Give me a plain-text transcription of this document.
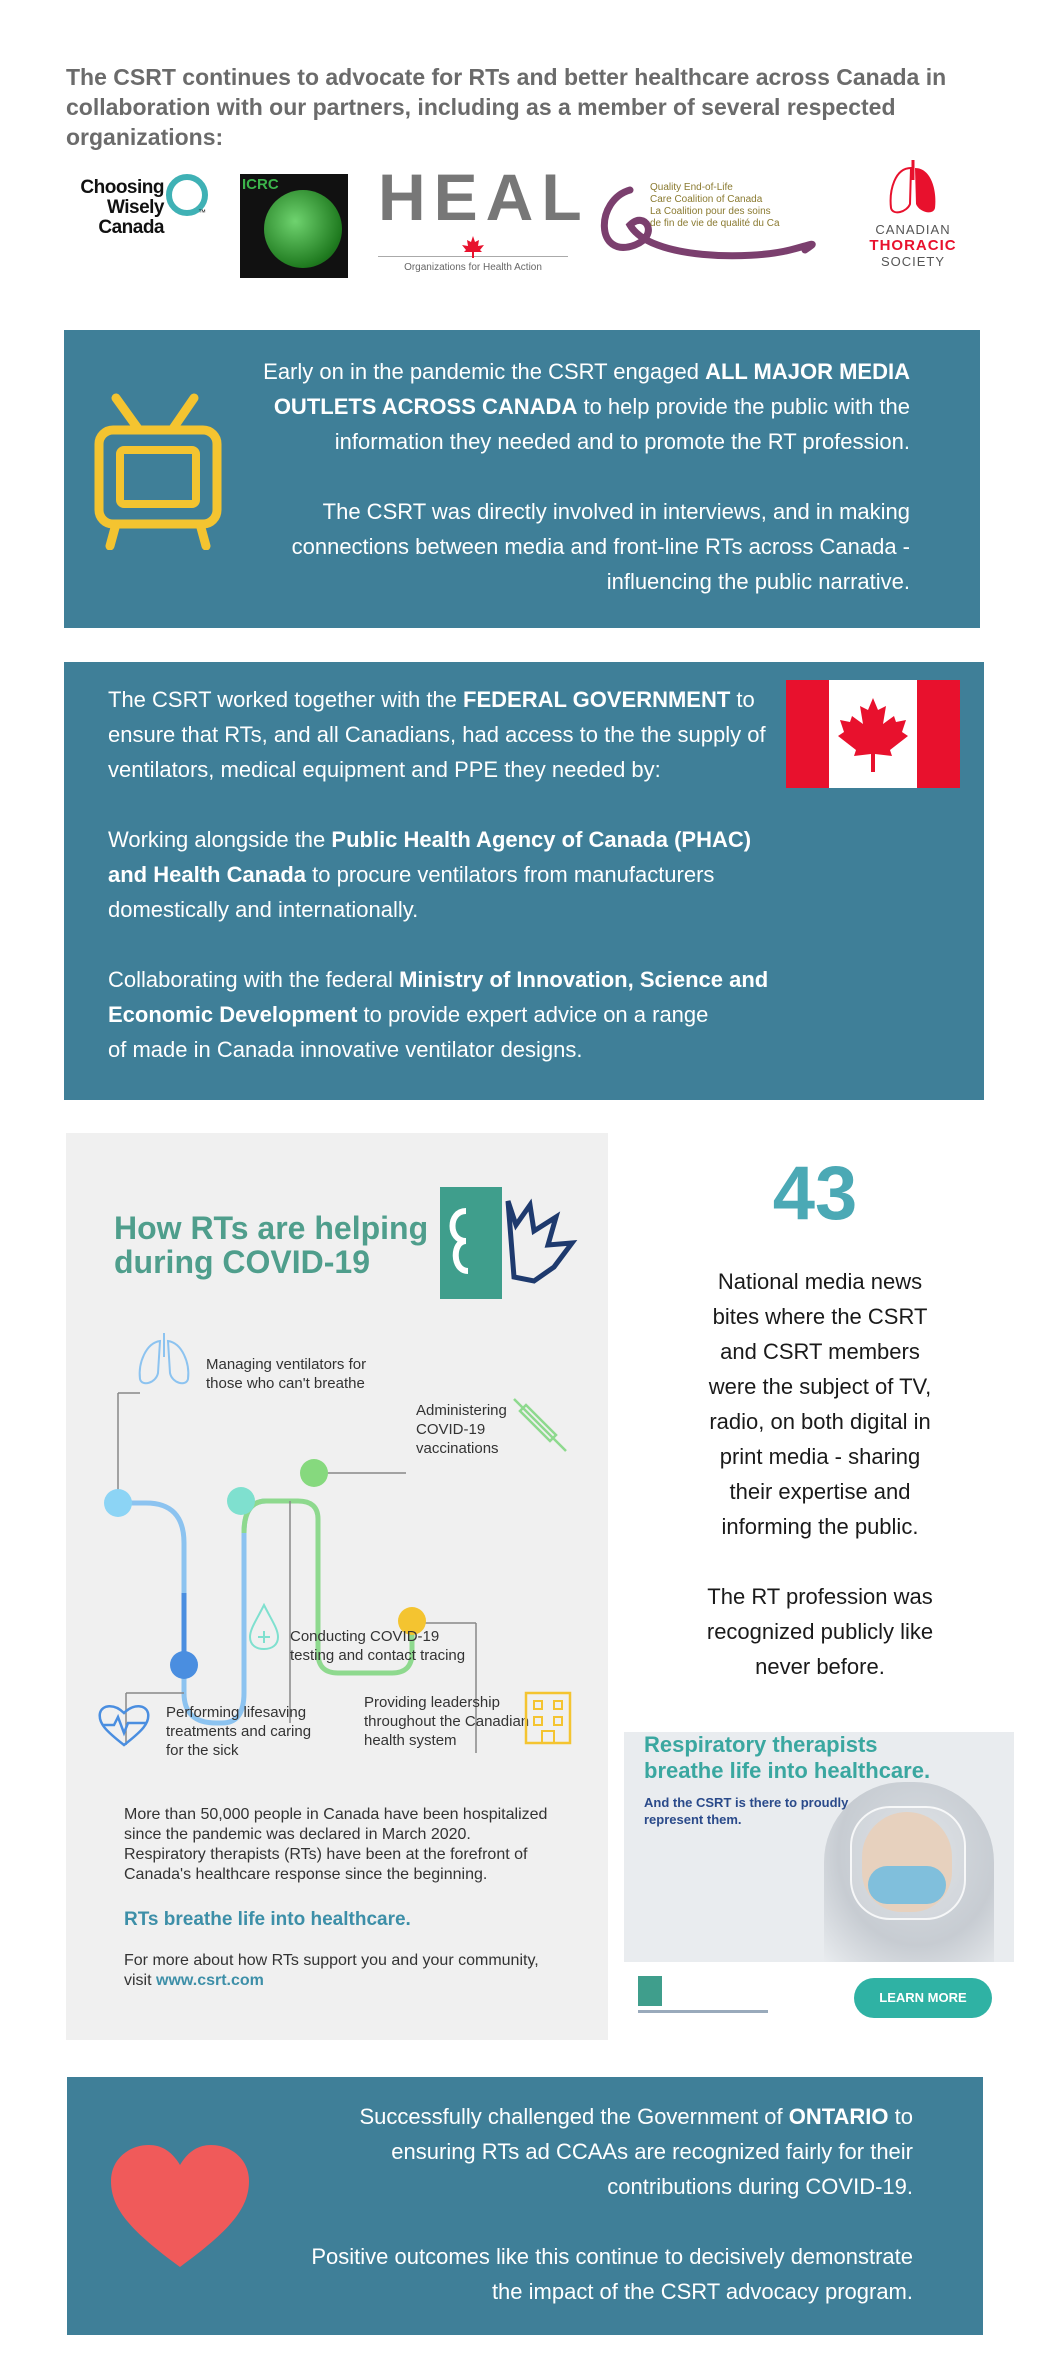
The CSRT continues to advocate for RTs and better healthcare across Canada in
collaboration with our partners, including as a member of several respected organizations:
Choosing
Wisely
Canada
™
ICRC HEAL
Organizations for Health Action
Quality End-of-Life
Care Coalition of Canada
La Coalition pour des soins
de fin de vie de qualité du Ca	CANADIAN
THORACIC
SOCIETY
Early on in the pandemic the CSRT engaged ALL MAJOR MEDIA
OUTLETS ACROSS CANADA to help provide the public with the
information they needed and to promote the RT profession.
The CSRT was directly involved in interviews, and in making
connections between media and front-line RTs across Canada -
influencing the public narrative.
The CSRT worked together with the FEDERAL GOVERNMENT to
ensure that RTs, and all Canadians, had access to the the supply of
ventilators, medical equipment and PPE they needed by:
Working alongside the Public Health Agency of Canada (PHAC)
and Health Canada to procure ventilators from manufacturers
domestically and internationally.
Collaborating with the federal Ministry of Innovation, Science and
Economic Development to provide expert advice on a range
of made in Canada innovative ventilator designs.
How RTs are helping
during COVID-19
Managing ventilators for
those who can't breathe
Administering
COVID-19
vaccinations
Conducting COVID-19
testing and contact tracing
Performing lifesaving
treatments and caring
for the sick
Providing leadership
throughout the Canadian
health system
More than 50,000 people in Canada have been hospitalized
since the pandemic was declared in March 2020.
Respiratory therapists (RTs) have been at the forefront of
Canada's healthcare response since the beginning.
RTs breathe life into healthcare.
For more about how RTs support you and your community,
visit www.csrt.com
43
National media news
bites where the CSRT
and CSRT members
were the subject of TV,
radio, on both digital in
print media - sharing
their expertise and
informing the public.
The RT profession was
recognized publicly like
never before.
Respiratory therapists
breathe life into healthcare.
And the CSRT is there to proudly
represent them.
LEARN MORE
Successfully challenged the Government of ONTARIO to
ensuring RTs ad CCAAs are recognized fairly for their
contributions during COVID-19.
Positive outcomes like this continue to decisively demonstrate
the impact of the CSRT advocacy program.
